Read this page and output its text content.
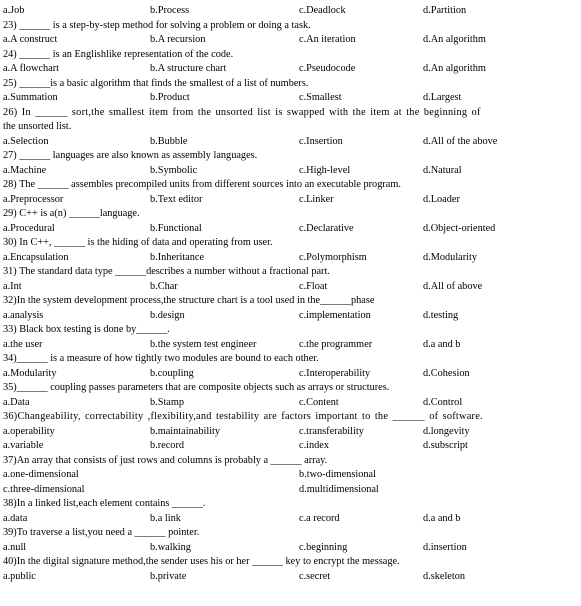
a.Job	b.Process	c.Deadlock	d.Partition
23) ______ is a step-by-step method for solving a problem or doing a task.
a.A construct	b.A recursion	c.An iteration	d.An algorithm
24) ______ is an Englishlike representation of the code.
a.A flowchart	b.A structure chart	c.Pseudocode	d.An algorithm
25) ______is a basic algorithm that finds the smallest of a list of numbers.
a.Summation	b.Product	c.Smallest	d.Largest
26) In ______ sort,the smallest item from the unsorted list is swapped with the item at the beginning of
the unsorted list.
a.Selection	b.Bubble	c.Insertion	d.All of the above
27) ______ languages are also known as assembly languages.
a.Machine	b.Symbolic	c.High-level	d.Natural
28) The ______ assembles precompiled units from different sources into an executable program.
a.Preprocessor	b.Text editor	c.Linker	d.Loader
29) C++ is a(n) ______language.
a.Procedural	b.Functional	c.Declarative	d.Object-oriented
30) In C++, ______ is the hiding of data and operating from user.
a.Encapsulation	b.Inheritance	c.Polymorphism	d.Modularity
31) The standard data type ______describes a number without a fractional part.
a.Int	b.Char	c.Float	d.All of above
32)In the system development process,the structure chart is a tool used in the______phase
a.analysis	b.design	c.implementation	d.testing
33) Black box testing is done by______.
a.the user	b.the system test engineer	c.the programmer	d.a and b
34)______ is a measure of how tightly two modules are bound to each other.
a.Modularity	b.coupling	c.Interoperability	d.Cohesion
35)______ coupling passes parameters that are composite objects such as arrays or structures.
a.Data	b.Stamp	c.Content	d.Control
36)Changeability, correctability ,flexibility,and testability are factors important to the ______ of software.
a.operability	b.maintainability	c.transferability	d.longevity
a.variable	b.record	c.index	d.subscript
37)An array that consists of just rows and columns is probably a ______ array.
a.one-dimensional	b.two-dimensional
c.three-dimensional	d.multidimensional
38)In a linked list,each element contains ______.
a.data	b.a link	c.a record	d.a and b
39)To traverse a list,you need a ______ pointer.
a.null	b.walking	c.beginning	d.insertion
40)In the digital signature method,the sender uses his or her ______ key to encrypt the message.
a.public	b.private	c.secret	d.skeleton
